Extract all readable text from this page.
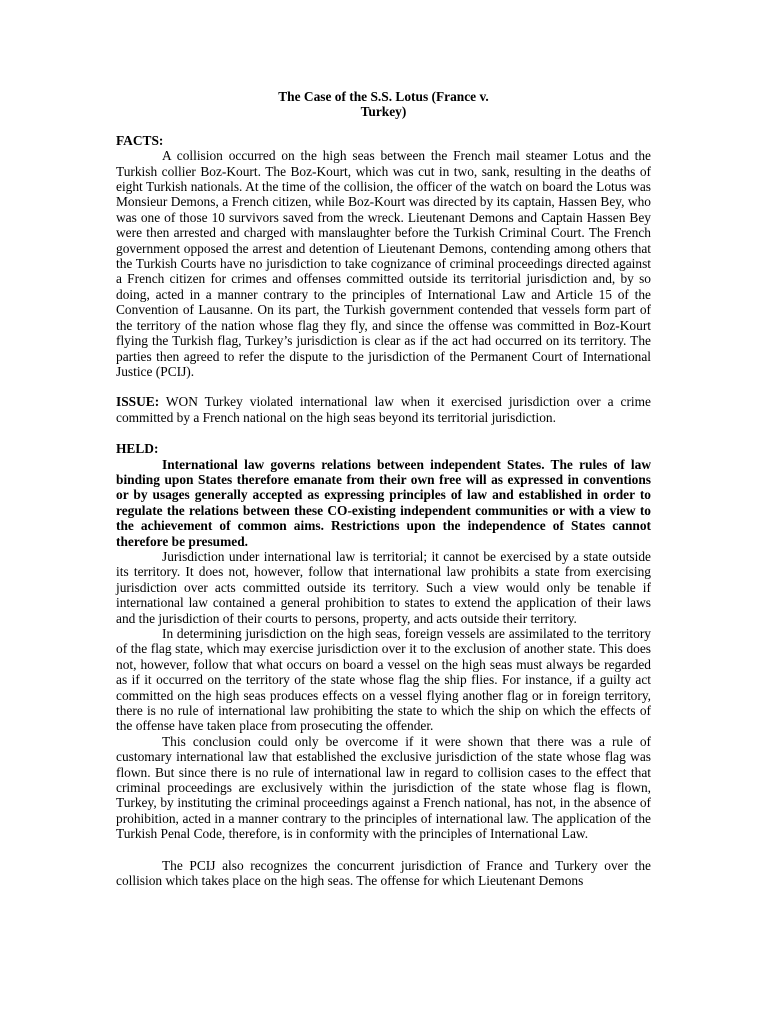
The Case of the S.S. Lotus (France v.
Turkey)
FACTS:

A collision occurred on the high seas between the French mail steamer Lotus and the Turkish collier Boz-Kourt. The Boz-Kourt, which was cut in two, sank, resulting in the deaths of eight Turkish nationals. At the time of the collision, the officer of the watch on board the Lotus was Monsieur Demons, a French citizen, while Boz-Kourt was directed by its captain, Hassen Bey, who was one of those 10 survivors saved from the wreck. Lieutenant Demons and Captain Hassen Bey were then arrested and charged with manslaughter before the Turkish Criminal Court. The French government opposed the arrest and detention of Lieutenant Demons, contending among others that the Turkish Courts have no jurisdiction to take cognizance of criminal proceedings directed against a French citizen for crimes and offenses committed outside its territorial jurisdiction and, by so doing, acted in a manner contrary to the principles of International Law and Article 15 of the Convention of Lausanne. On its part, the Turkish government contended that vessels form part of the territory of the nation whose flag they fly, and since the offense was committed in Boz-Kourt flying the Turkish flag, Turkey’s jurisdiction is clear as if the act had occurred on its territory. The parties then agreed to refer the dispute to the jurisdiction of the Permanent Court of International Justice (PCIJ).

ISSUE: WON Turkey violated international law when it exercised jurisdiction over a crime committed by a French national on the high seas beyond its territorial jurisdiction.

HELD:

International law governs relations between independent States. The rules of law binding upon States therefore emanate from their own free will as expressed in conventions or by usages generally accepted as expressing principles of law and established in order to regulate the relations between these CO-existing independent communities or with a view to the achievement of common aims. Restrictions upon the independence of States cannot therefore be presumed.

Jurisdiction under international law is territorial; it cannot be exercised by a state outside its territory. It does not, however, follow that international law prohibits a state from exercising jurisdiction over acts committed outside its territory. Such a view would only be tenable if international law contained a general prohibition to states to extend the application of their laws and the jurisdiction of their courts to persons, property, and acts outside their territory.

In determining jurisdiction on the high seas, foreign vessels are assimilated to the territory of the flag state, which may exercise jurisdiction over it to the exclusion of another state. This does not, however, follow that what occurs on board a vessel on the high seas must always be regarded as if it occurred on the territory of the state whose flag the ship flies. For instance, if a guilty act committed on the high seas produces effects on a vessel flying another flag or in foreign territory, there is no rule of international law prohibiting the state to which the ship on which the effects of the offense have taken place from prosecuting the offender.

This conclusion could only be overcome if it were shown that there was a rule of customary international law that established the exclusive jurisdiction of the state whose flag was flown. But since there is no rule of international law in regard to collision cases to the effect that criminal proceedings are exclusively within the jurisdiction of the state whose flag is flown, Turkey, by instituting the criminal proceedings against a French national, has not, in the absence of prohibition, acted in a manner contrary to the principles of international law. The application of the Turkish Penal Code, therefore, is in conformity with the principles of International Law.

The PCIJ also recognizes the concurrent jurisdiction of France and Turkery over the collision which takes place on the high seas. The offense for which Lieutenant Demons
